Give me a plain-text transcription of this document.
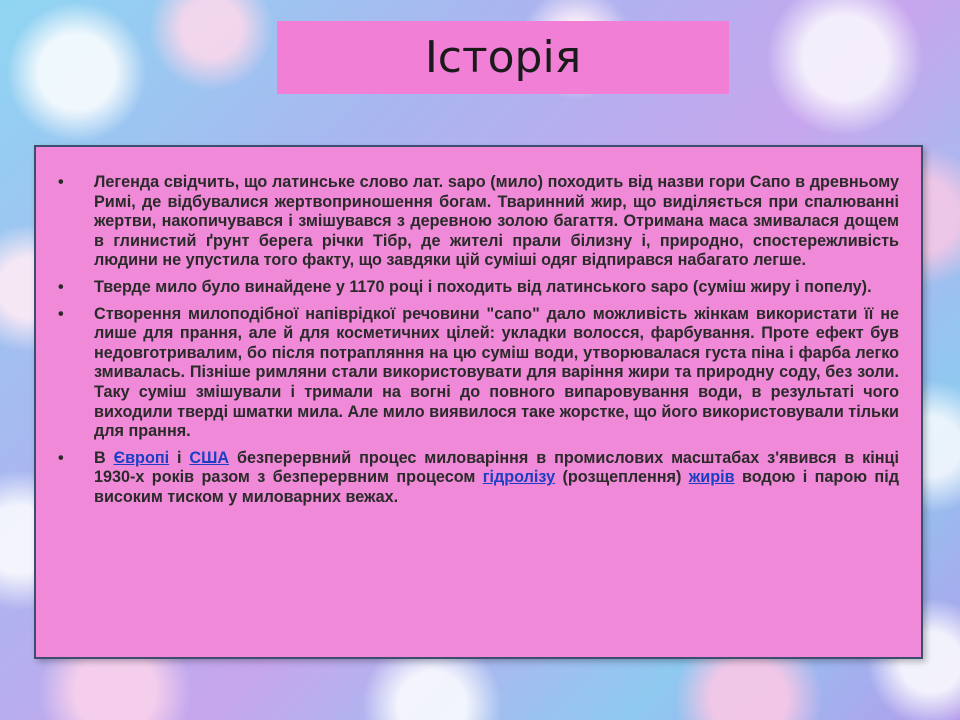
Історія
• Легенда свідчить, що латинське слово лат. sapo (мило) походить від назви гори Сапо в древньому Римі, де відбувалися жертвоприношення богам. Тваринний жир, що виділяється при спалюванні жертви, накопичувався і змішувався з деревною золою багаття. Отримана маса змивалася дощем в глинистий ґрунт берега річки Тібр, де жителі прали білизну і, природно, спостережливість людини не упустила того факту, що завдяки цій суміші одяг відпирався набагато легше.
• Тверде мило було винайдене у 1170 році і походить від латинського sapo (суміш жиру і попелу).
• Створення милоподібної напіврідкої речовини "сапо" дало можливість жінкам використати її не лише для прання, але й для косметичних цілей: укладки волосся, фарбування. Проте ефект був недовготривалим, бо після потрапляння на цю суміш води, утворювалася густа піна і фарба легко змивалась. Пізніше римляни стали використовувати для варіння жири та природну соду, без золи. Таку суміш змішували і тримали на вогні до повного випаровування води, в результаті чого виходили тверді шматки мила. Але мило виявилося таке жорстке, що його використовували тільки для прання.
• В Європі і США безперервний процес миловаріння в промислових масштабах з'явився в кінці 1930-х років разом з безперервним процесом гідролізу (розщеплення) жирів водою і парою під високим тиском у миловарних вежах.
